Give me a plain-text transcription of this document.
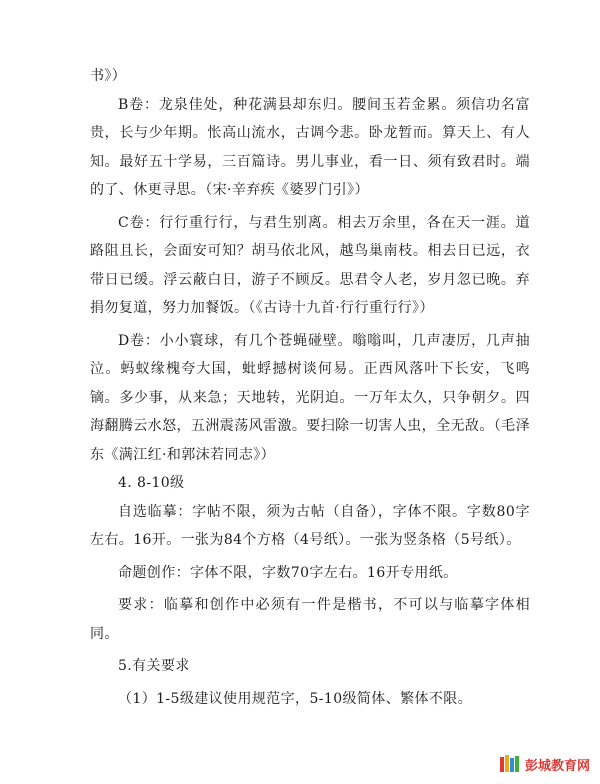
书》）

B卷：龙泉佳处，种花满县却东归。腰间玉若金累。须信功名富贵，长与少年期。怅高山流水，古调今悲。卧龙暂而。算天上、有人知。最好五十学易，三百篇诗。男儿事业，看一日、须有致君时。端的了、休更寻思。（宋·辛弃疾《婆罗门引》）

C卷：行行重行行，与君生别离。相去万余里，各在天一涯。道路阻且长，会面安可知？胡马依北风，越鸟巢南枝。相去日已远，衣带日已缓。浮云蔽白日，游子不顾反。思君令人老，岁月忽已晚。弃捐勿复道，努力加餐饭。（《古诗十九首·行行重行行》）

D卷：小小寰球，有几个苍蝇碰壁。嗡嗡叫，几声凄厉，几声抽泣。蚂蚁缘槐夸大国，蚍蜉撼树谈何易。正西风落叶下长安，飞鸣镝。多少事，从来急；天地转，光阴迫。一万年太久，只争朝夕。四海翻腾云水怒，五洲震荡风雷激。要扫除一切害人虫，全无敌。（毛泽东《满江红·和郭沫若同志》）

4. 8-10级

自选临摹：字帖不限，须为古帖（自备），字体不限。字数80字左右。16开。一张为84个方格（4号纸）。一张为竖条格（5号纸）。

命题创作：字体不限，字数70字左右。16开专用纸。

要求：临摹和创作中必须有一件是楷书，不可以与临摹字体相同。

5.有关要求

（1）1-5级建议使用规范字，5-10级简体、繁体不限。

彭城教育网
